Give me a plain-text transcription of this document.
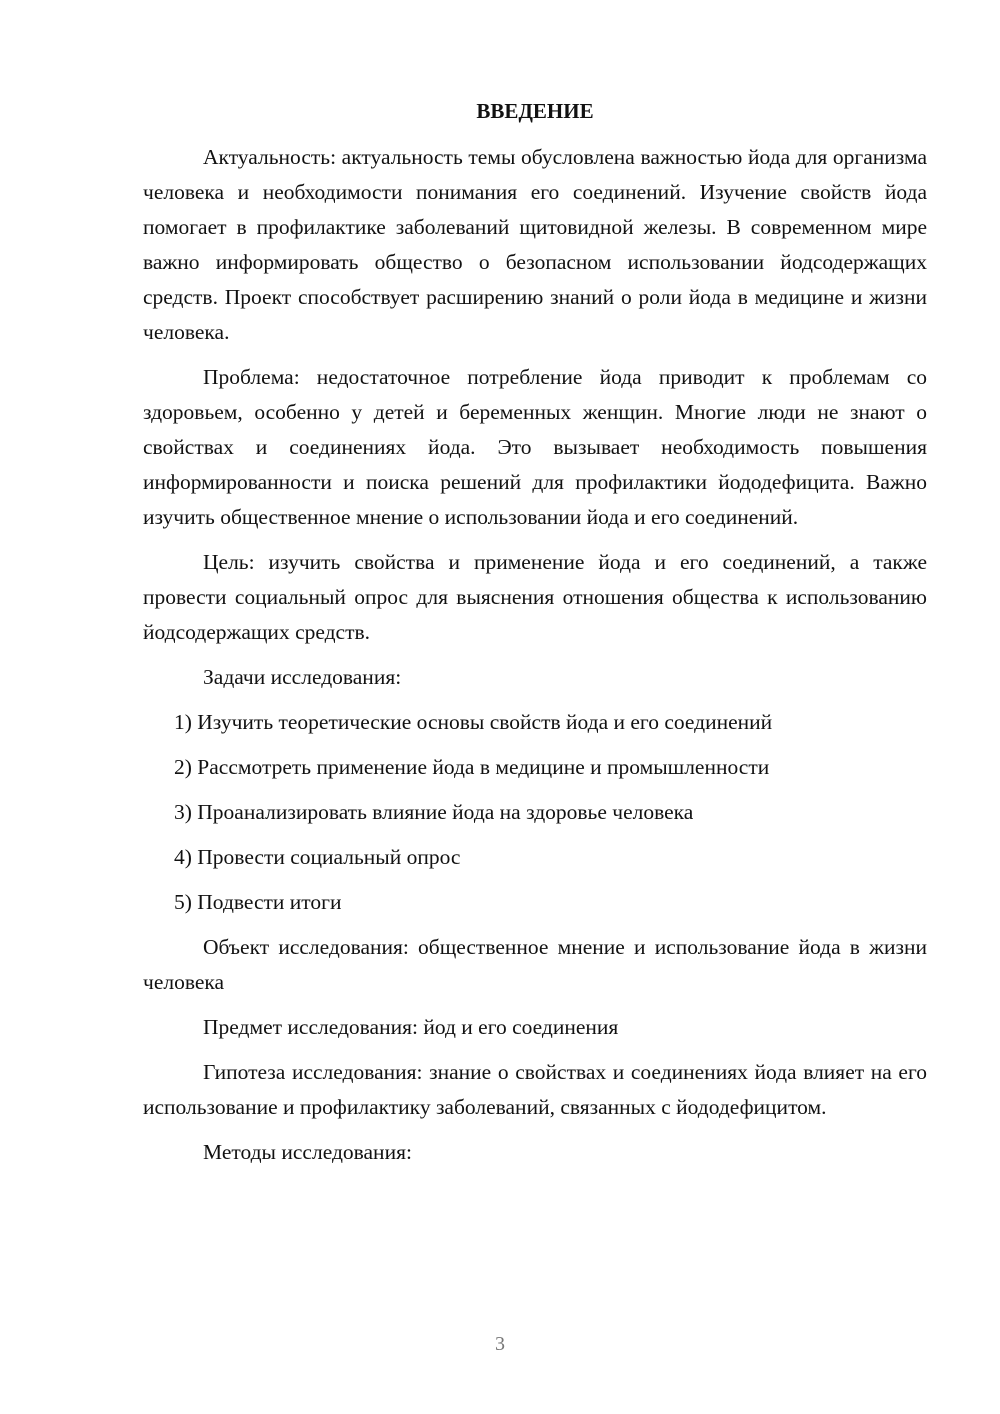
ВВЕДЕНИЕ

Актуальность: актуальность темы обусловлена важностью йода для организма человека и необходимости понимания его соединений. Изучение свойств йода помогает в профилактике заболеваний щитовидной железы. В современном мире важно информировать общество о безопасном использовании йодсодержащих средств. Проект способствует расширению знаний о роли йода в медицине и жизни человека.

Проблема: недостаточное потребление йода приводит к проблемам со здоровьем, особенно у детей и беременных женщин. Многие люди не знают о свойствах и соединениях йода. Это вызывает необходимость повышения информированности и поиска решений для профилактики йододефицита. Важно изучить общественное мнение о использовании йода и его соединений.

Цель: изучить свойства и применение йода и его соединений, а также провести социальный опрос для выяснения отношения общества к использованию йодсодержащих средств.

Задачи исследования:

1) Изучить теоретические основы свойств йода и его соединений
2) Рассмотреть применение йода в медицине и промышленности
3) Проанализировать влияние йода на здоровье человека
4) Провести социальный опрос
5) Подвести итоги

Объект исследования: общественное мнение и использование йода в жизни человека

Предмет исследования: йод и его соединения

Гипотеза исследования: знание о свойствах и соединениях йода влияет на его использование и профилактику заболеваний, связанных с йододефицитом.

Методы исследования:

3
